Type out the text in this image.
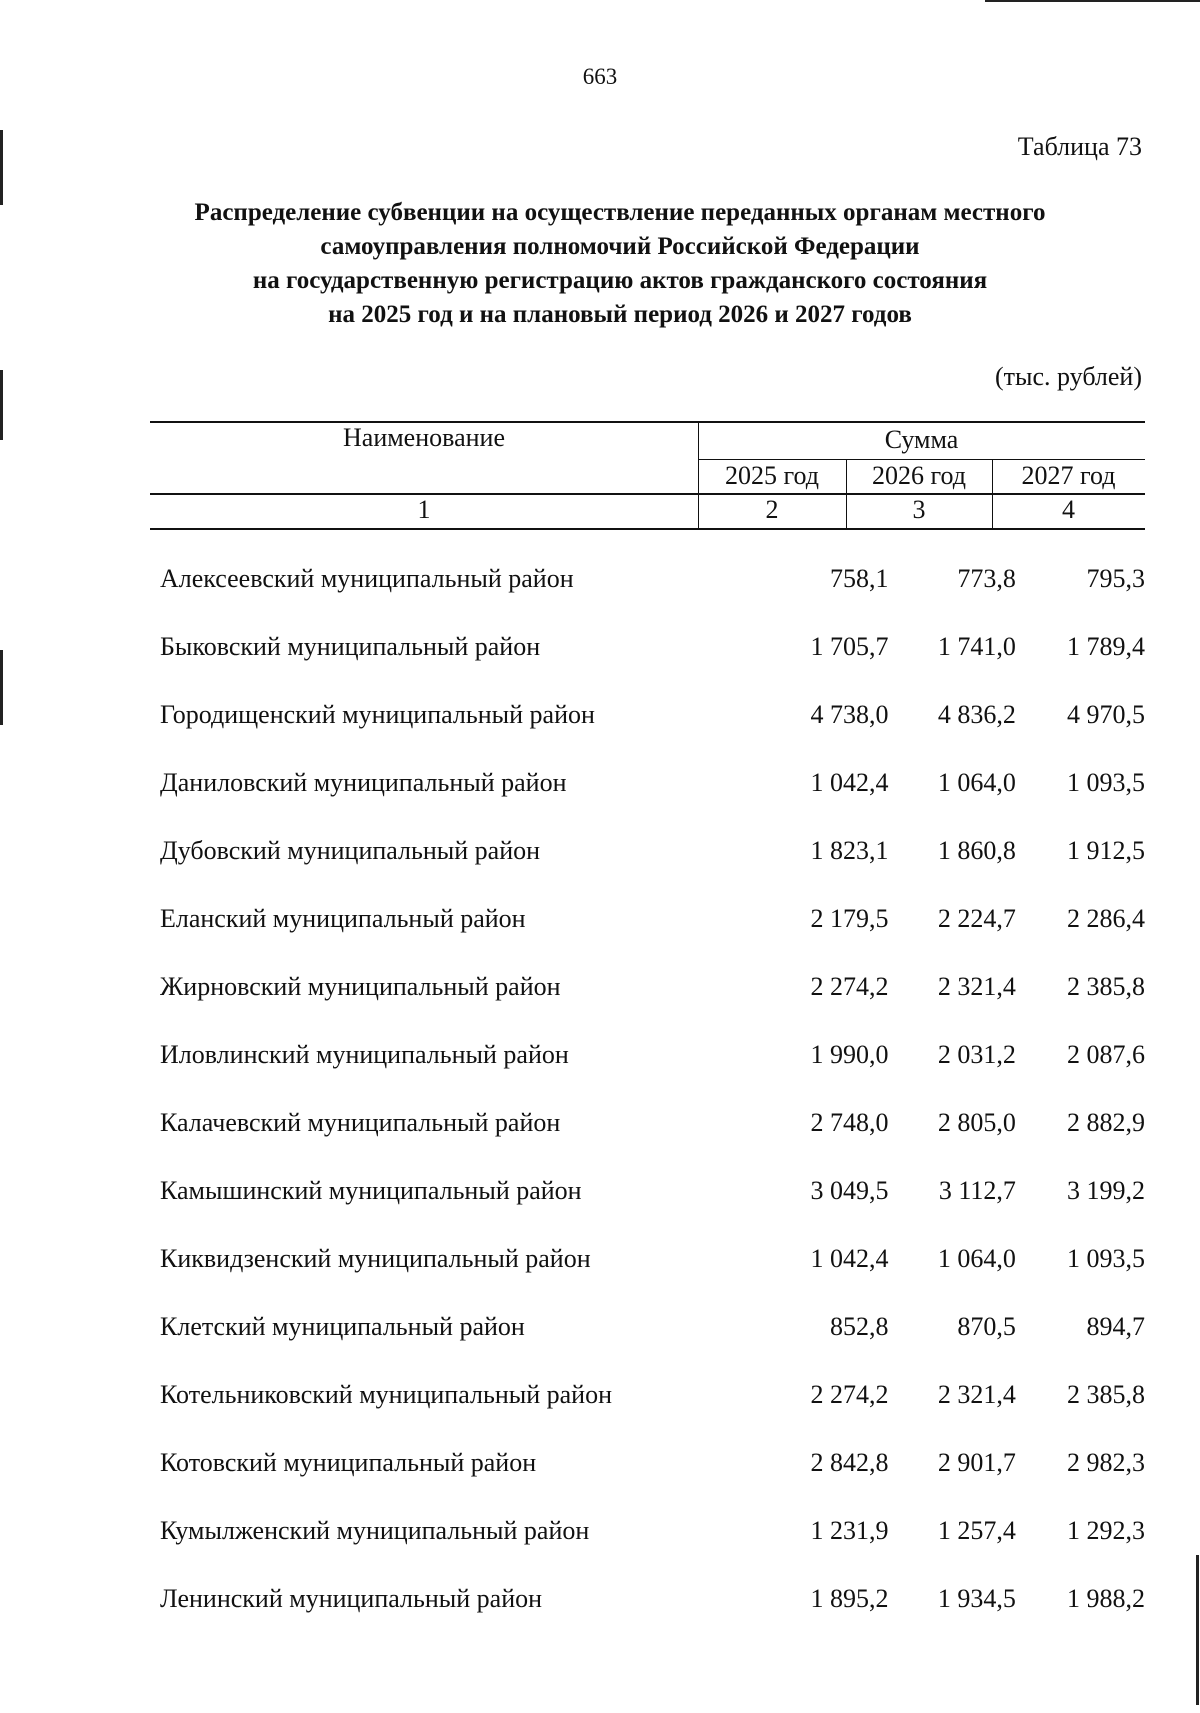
663
Таблица 73
Распределение субвенции на осуществление переданных органам местного
самоуправления полномочий Российской Федерации
на государственную регистрацию актов гражданского состояния
на 2025 год и на плановый период 2026 и 2027 годов
(тыс. рублей)
Наименование	Сумма
2025 год	2026 год	2027 год
1	2	3	4
Алексеевский муниципальный район	758,1	773,8	795,3
Быковский муниципальный район	1 705,7	1 741,0	1 789,4
Городищенский муниципальный район	4 738,0	4 836,2	4 970,5
Даниловский муниципальный район	1 042,4	1 064,0	1 093,5
Дубовский муниципальный район	1 823,1	1 860,8	1 912,5
Еланский муниципальный район	2 179,5	2 224,7	2 286,4
Жирновский муниципальный район	2 274,2	2 321,4	2 385,8
Иловлинский муниципальный район	1 990,0	2 031,2	2 087,6
Калачевский муниципальный район	2 748,0	2 805,0	2 882,9
Камышинский муниципальный район	3 049,5	3 112,7	3 199,2
Киквидзенский муниципальный район	1 042,4	1 064,0	1 093,5
Клетский муниципальный район	852,8	870,5	894,7
Котельниковский муниципальный район	2 274,2	2 321,4	2 385,8
Котовский муниципальный район	2 842,8	2 901,7	2 982,3
Кумылженский муниципальный район	1 231,9	1 257,4	1 292,3
Ленинский муниципальный район	1 895,2	1 934,5	1 988,2
